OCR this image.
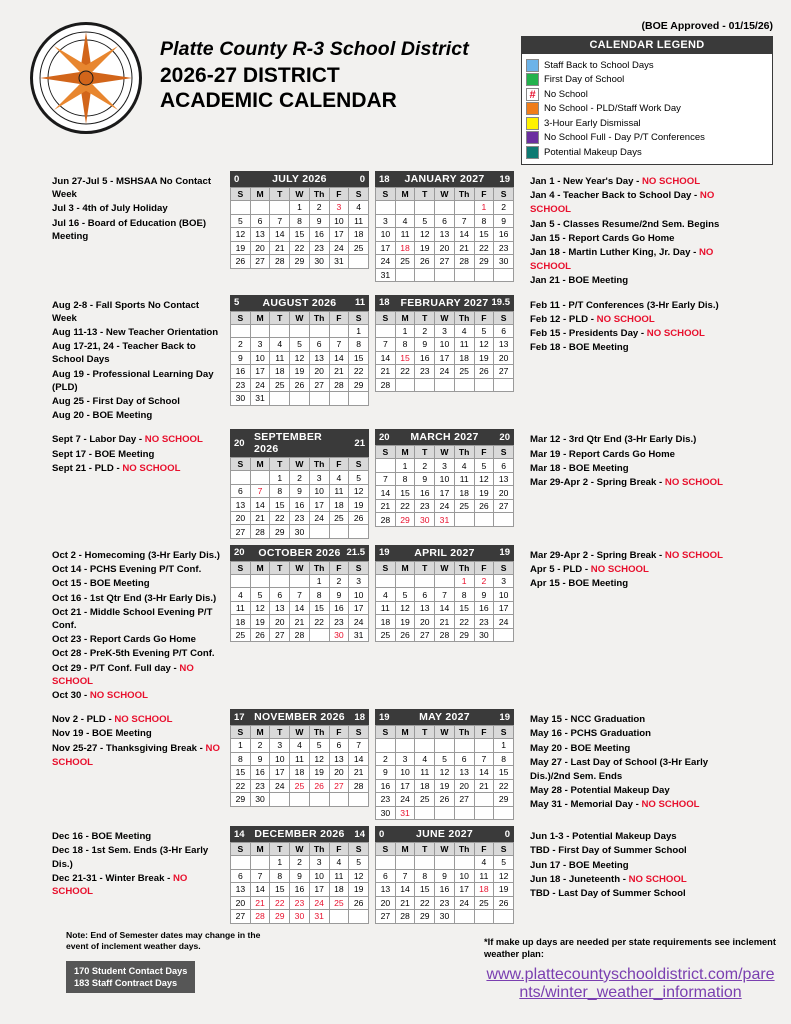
Platte County R-3 School District
2026-27 DISTRICT
ACADEMIC CALENDAR
(BOE Approved - 01/15/26)
CALENDAR LEGEND
Staff Back to School Days
First Day of School
# No School
No School - PLD/Staff Work Day
3-Hour Early Dismissal
No School Full - Day P/T Conferences
Potential Makeup Days
Jun 27-Jul 5 - MSHSAA No Contact Week
Jul 3 - 4th of July Holiday
Jul 16 - Board of Education (BOE) Meeting
0	JULY 2026	0
S	M	T	W	Th	F	S
			1	2	3	4
5	6	7	8	9	10	11
12	13	14	15	16	17	18
19	20	21	22	23	24	25
26	27	28	29	30	31	
18	JANUARY 2027	19
S	M	T	W	Th	F	S
					1	2
3	4	5	6	7	8	9
10	11	12	13	14	15	16
17	18	19	20	21	22	23
24	25	26	27	28	29	30
31						
Jan 1 - New Year's Day - NO SCHOOL
Jan 4 - Teacher Back to School Day - NO
SCHOOL
Jan 5 - Classes Resume/2nd Sem. Begins
Jan 15 - Report Cards Go Home
Jan 18 - Martin Luther King, Jr. Day - NO
SCHOOL
Jan 21 - BOE Meeting
Aug 2-8 - Fall Sports No Contact Week
Aug 11-13 - New Teacher Orientation
Aug 17-21, 24 - Teacher Back to School Days
Aug 19 - Professional Learning Day (PLD)
Aug 25 - First Day of School
Aug 20 - BOE Meeting
5	AUGUST 2026	11
S	M	T	W	Th	F	S
						1
2	3	4	5	6	7	8
9	10	11	12	13	14	15
16	17	18	19	20	21	22
23	24	25	26	27	28	29
30	31					
18	FEBRUARY 2027 19.5
S	M	T	W	Th	F	S
	1	2	3	4	5	6
7	8	9	10	11	12	13
14	15	16	17	18	19	20
21	22	23	24	25	26	27
28						
Feb 11 - P/T Conferences (3-Hr Early Dis.)
Feb 12 - PLD - NO SCHOOL
Feb 15 - Presidents Day - NO SCHOOL
Feb 18 - BOE Meeting
Sept 7 - Labor Day - NO SCHOOL
Sept 17 - BOE Meeting
Sept 21 - PLD - NO SCHOOL
20 SEPTEMBER 2026	21
S	M	T	W	Th	F	S
		1	2	3	4	5
6	7	8	9	10	11	12
13	14	15	16	17	18	19
20	21	22	23	24	25	26
27	28	29	30			
20	MARCH 2027	20
S	M	T	W	Th	F	S
	1	2	3	4	5	6
7	8	9	10	11	12	13
14	15	16	17	18	19	20
21	22	23	24	25	26	27
28	29	30	31			
Mar 12 - 3rd Qtr End (3-Hr Early Dis.)
Mar 19 - Report Cards Go Home
Mar 18 - BOE Meeting
Mar 29-Apr 2 - Spring Break - NO SCHOOL
Oct 2 - Homecoming (3-Hr Early Dis.)
Oct 14 - PCHS Evening P/T Conf.
Oct 15 - BOE Meeting
Oct 16 - 1st Qtr End (3-Hr Early Dis.)
Oct 21 - Middle School Evening P/T Conf.
Oct 23 - Report Cards Go Home
Oct 28 - PreK-5th Evening P/T Conf.
Oct 29 - P/T Conf. Full day - NO SCHOOL
Oct 30 - NO SCHOOL
20	OCTOBER 2026 21.5
S	M	T	W	Th	F	S
				1	2	3
4	5	6	7	8	9	10
11	12	13	14	15	16	17
18	19	20	21	22	23	24
25	26	27	28	29	30	31
19	APRIL 2027	19
S	M	T	W	Th	F	S
				1	2	3
4	5	6	7	8	9	10
11	12	13	14	15	16	17
18	19	20	21	22	23	24
25	26	27	28	29	30	
Mar 29-Apr 2 - Spring Break - NO SCHOOL
Apr 5 - PLD - NO SCHOOL
Apr 15 - BOE Meeting
Nov 2 - PLD - NO SCHOOL
Nov 19 - BOE Meeting
Nov 25-27 - Thanksgiving Break - NO
SCHOOL
17 NOVEMBER 2026 18
S	M	T	W	Th	F	S
1	2	3	4	5	6	7
8	9	10	11	12	13	14
15	16	17	18	19	20	21
22	23	24	25	26	27	28
29	30					
19	MAY 2027	19
S	M	T	W	Th	F	S
						1
2	3	4	5	6	7	8
9	10	11	12	13	14	15
16	17	18	19	20	21	22
23	24	25	26	27	28	29
30	31					
May 15 - NCC Graduation
May 16 - PCHS Graduation
May 20 - BOE Meeting
May 27 - Last Day of School (3-Hr Early
Dis.)/2nd Sem. Ends
May 28 - Potential Makeup Day
May 31 - Memorial Day - NO SCHOOL
Dec 16 - BOE Meeting
Dec 18 - 1st Sem. Ends (3-Hr Early Dis.)
Dec 21-31 - Winter Break - NO SCHOOL
14 DECEMBER 2026	14
S	M	T	W	Th	F	S
		1	2	3	4	5
6	7	8	9	10	11	12
13	14	15	16	17	18	19
20	21	22	23	24	25	26
27	28	29	30	31		
0	JUNE 2027	0
S	M	T	W	Th	F	S
		1	2	3	4	5
6	7	8	9	10	11	12
13	14	15	16	17	18	19
20	21	22	23	24	25	26
27	28	29	30			
Jun 1-3 - Potential Makeup Days
TBD - First Day of Summer School
Jun 17 - BOE Meeting
Jun 18 - Juneteenth - NO SCHOOL
TBD - Last Day of Summer School
Note: End of Semester dates may change in the event of inclement weather days.
170 Student Contact Days
183 Staff Contract Days
*If make up days are needed per state requirements see inclement weather plan:
www.plattecountyschooldistrict.com/parents/winter_weather_information
